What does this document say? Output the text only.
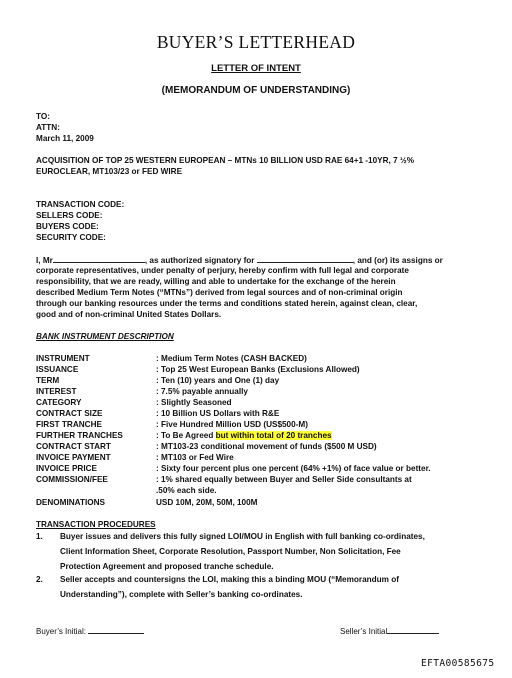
BUYER’S LETTERHEAD
LETTER OF INTENT
(MEMORANDUM OF UNDERSTANDING)
TO:
ATTN:
March 11, 2009
ACQUISITION OF TOP 25 WESTERN EUROPEAN – MTNs 10 BILLION USD RAE 64+1 -10YR, 7 ½%
EUROCLEAR, MT103/23 or FED WIRE
TRANSACTION CODE:
SELLERS CODE:
BUYERS CODE:
SECURITY CODE:
I, Mr	, as authorized signatory for	, and (or) its assigns or
corporate representatives, under penalty of perjury, hereby confirm with full legal and corporate
responsibility, that we are ready, willing and able to undertake for the exchange of the herein
described Medium Term Notes (“MTNs”) derived from legal sources and of non-criminal origin
through our banking resources under the terms and conditions stated herein, against clean, clear,
good and of non-criminal United States Dollars.
BANK INSTRUMENT DESCRIPTION
INSTRUMENT	: Medium Term Notes (CASH BACKED)
ISSUANCE	: Top 25 West European Banks (Exclusions Allowed)
TERM	: Ten (10) years and One (1) day
INTEREST	: 7.5% payable annually
CATEGORY	: Slightly Seasoned
CONTRACT SIZE	: 10 Billion US Dollars with R&E
FIRST TRANCHE	: Five Hundred Million USD (US$500-M)
FURTHER TRANCHES	: To Be Agreed but within total of 20 tranches
CONTRACT START	: MT103-23 conditional movement of funds ($500 M USD)
INVOICE PAYMENT	: MT103 or Fed Wire
INVOICE PRICE	: Sixty four percent plus one percent (64% +1%) of face value or better.
COMMISSION/FEE	: 1% shared equally between Buyer and Seller Side consultants at
.50% each side.
DENOMINATIONS	USD 10M, 20M, 50M, 100M
TRANSACTION PROCEDURES
1. Buyer issues and delivers this fully signed LOI/MOU in English with full banking co-ordinates,
Client Information Sheet, Corporate Resolution, Passport Number, Non Solicitation, Fee
Protection Agreement and proposed tranche schedule.
2. Seller accepts and countersigns the LOI, making this a binding MOU (“Memorandum of
Understanding”), complete with Seller’s banking co-ordinates.
Buyer’s Initial:	Seller’s Initial
EFTA00585675
